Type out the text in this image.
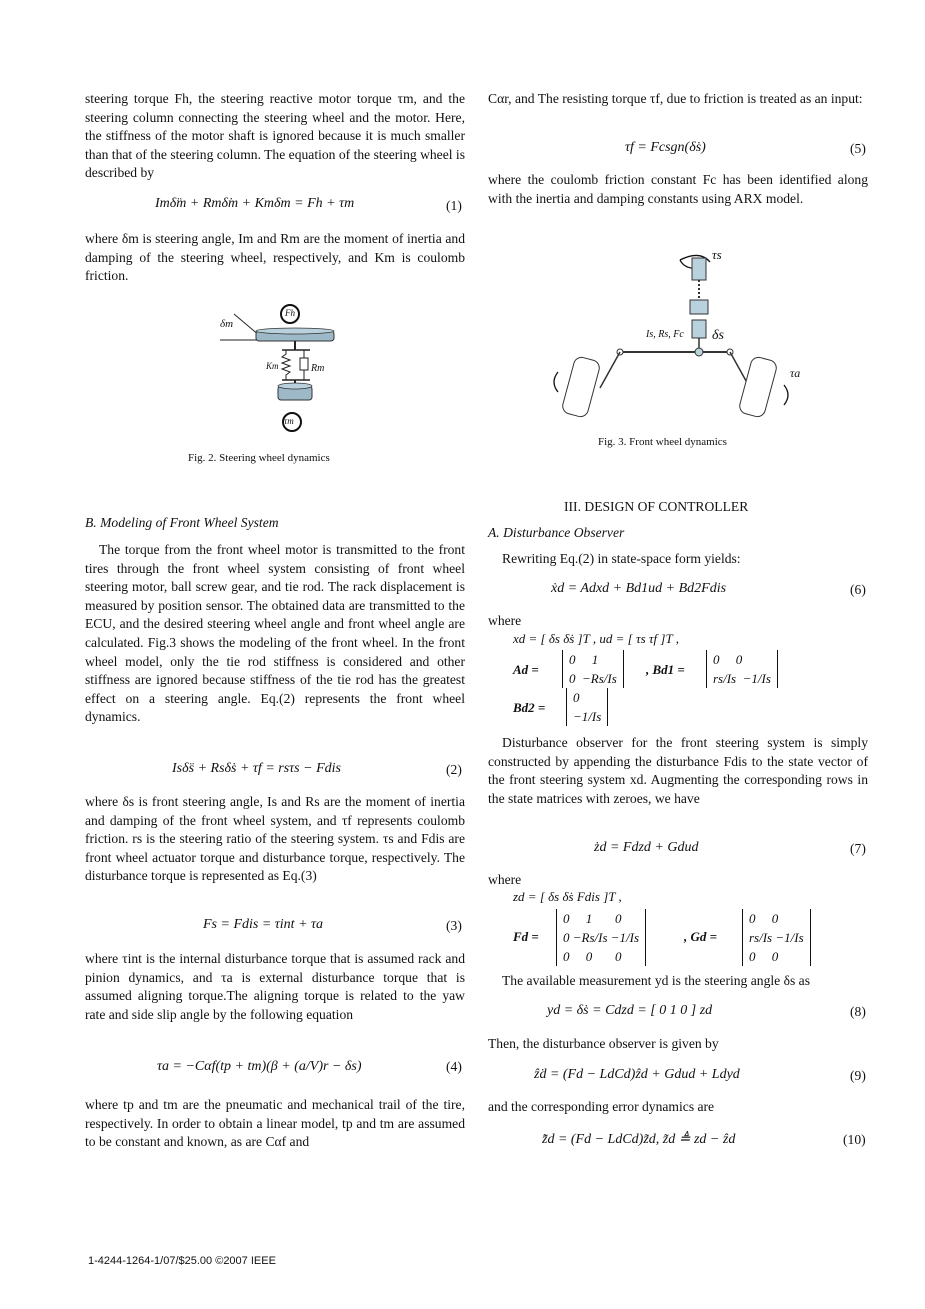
steering torque Fh, the steering reactive motor torque τm, and the steering column connecting the steering wheel and the motor. Here, the stiffness of the motor shaft is ignored because it is much smaller than that of the steering column. The equation of the steering wheel is described by

Imδ̈m + Rmδ̇m + Kmδm = Fh + τm	(1)

where δm is steering angle, Im and Rm are the moment of inertia and damping of the steering wheel, respectively, and Km is coulomb friction.

δm
Fh
Km	Rm
τm
Fig. 2. Steering wheel dynamics
B. Modeling of Front Wheel System

The torque from the front wheel motor is transmitted to the front tires through the front wheel system consisting of front wheel steering motor, ball screw gear, and tie rod. The rack displacement is measured by position sensor. The obtained data are transmitted to the ECU, and the desired steering wheel angle and front wheel angle are calculated. Fig.3 shows the modeling of the front wheel. In the front wheel model, only the tie rod stiffness is considered and other stiffness are ignored because stiffness of the tie rod has the greatest effect on a steering angle. Eq.(2) represents the front wheel dynamics.

Isδ̈s + Rsδ̇s + τf = rsτs − Fdis	(2)

where δs is front steering angle, Is and Rs are the moment of inertia and damping of the front wheel system, and τf represents coulomb friction. rs is the steering ratio of the steering system. τs and Fdis are front wheel actuator torque and disturbance torque, respectively. The disturbance torque is represented as Eq.(3)

Fs = Fdis = τint + τa	(3)

where τint is the internal disturbance torque that is assumed rack and pinion dynamics, and τa is external disturbance torque that is assumed aligning torque.The aligning torque is related to the yaw rate and side slip angle by the following equation

τa = −Cαf(tp + tm)(β + (a/V)r − δs)	(4)

where tp and tm are the pneumatic and mechanical trail of the tire, respectively. In order to obtain a linear model, tp and tm are assumed to be constant and known, as are Cαf and

Cαr, and The resisting torque τf, due to friction is treated as an input:

τf = Fcsgn(δ̇s)	(5)

where the coulomb friction constant Fc has been identified along with the inertia and damping constants using ARX model.

τs
Is, Rs, Fc δs
τa
Fig. 3. Front wheel dynamics
III. DESIGN OF CONTROLLER
A. Disturbance Observer

Rewriting Eq.(2) in state-space form yields:

ẋd = Adxd + Bd1ud + Bd2Fdis	(6)

where

xd = [ δs δ̇s ]T , ud = [ τs τf ]T ,
Ad =
0 1
0 −Rs/Is
, Bd1 =
0 0
rs/Is −1/Is
Bd2 =
0
−1/Is

Disturbance observer for the front steering system is simply constructed by appending the disturbance Fdis to the state vector of the front steering system xd. Augmenting the corresponding rows in the state matrices with zeroes, we have

żd = Fdzd + Gdud	(7)

where

zd = [ δs δ̇s Fdis ]T ,
Fd =
0 1 0
0 −Rs/Is −1/Is
0 0 0
, Gd =
0 0
rs/Is −1/Is
0 0

The available measurement yd is the steering angle δs as

yd = δ̇s = Cdzd = [ 0 1 0 ] zd	(8)

Then, the disturbance observer is given by

ẑ̇d = (Fd − LdCd)ẑd + Gdud + Ldyd	(9)

and the corresponding error dynamics are

z̃̇d = (Fd − LdCd)z̃d, z̃d ≜ zd − ẑd	(10)
1-4244-1264-1/07/$25.00 ©2007 IEEE
